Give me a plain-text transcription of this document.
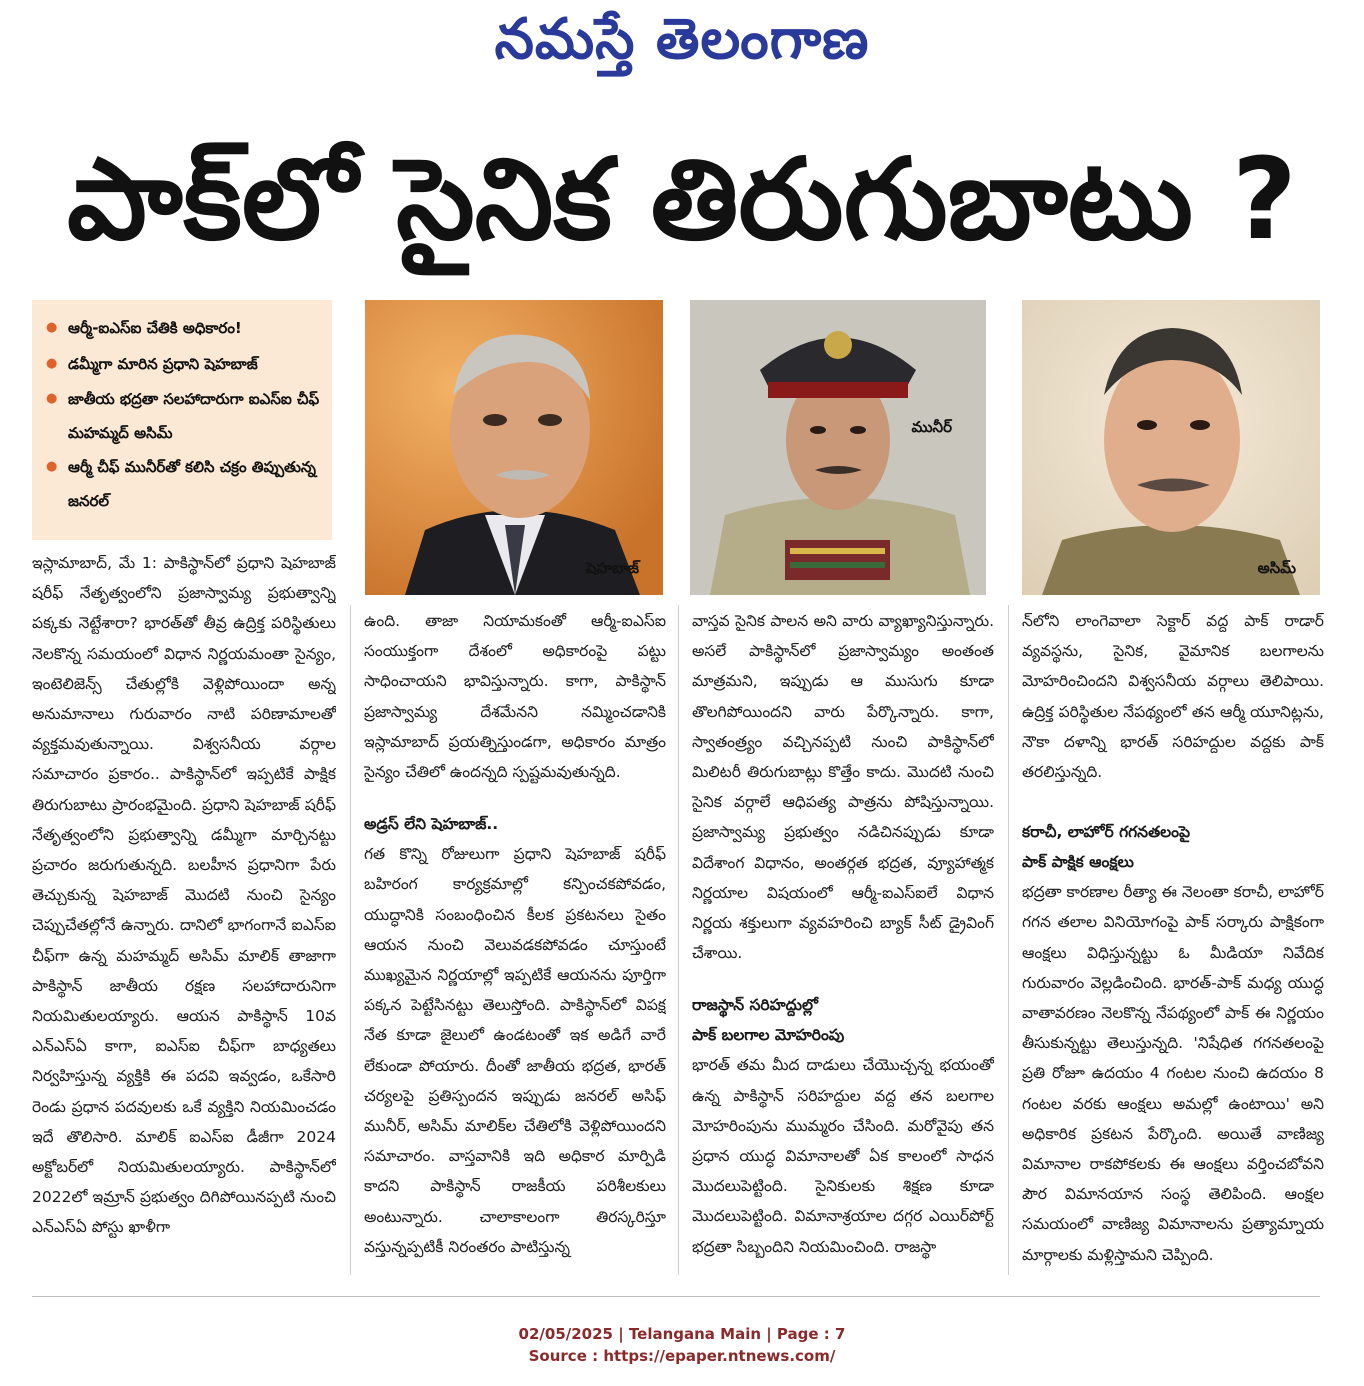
నమస్తే తెలంగాణ
పాక్‌లో సైనిక తిరుగుబాటు ?
● ఆర్మీ-ఐఎస్‌ఐ చేతికి అధికారం!
● డమ్మీగా మారిన ప్రధాని షెహబాజ్
● జాతీయ భద్రతా సలహాదారుగా ఐఎస్‌ఐ చీఫ్ మహమ్మద్ అసిమ్
● ఆర్మీ చీఫ్ మునీర్‌తో కలిసి చక్రం తిప్పుతున్న జనరల్
షెహబాజ్
మునీర్
అసిమ్

ఇస్లామాబాద్, మే 1: పాకిస్థాన్‌లో ప్రధాని షెహబాజ్ షరీఫ్ నేతృత్వంలోని ప్రజాస్వామ్య ప్రభుత్వాన్ని పక్కకు నెట్టేశారా? భారత్‌తో తీవ్ర ఉద్రిక్త పరిస్థితులు నెలకొన్న సమయంలో విధాన నిర్ణయమంతా సైన్యం, ఇంటెలిజెన్స్ చేతుల్లోకి వెళ్లిపోయిందా అన్న అనుమానాలు గురువారం నాటి పరిణామాలతో వ్యక్తమవుతున్నాయి. విశ్వసనీయ వర్గాల సమాచారం ప్రకారం.. పాకిస్థాన్‌లో ఇప్పటికే పాక్షిక తిరుగుబాటు ప్రారంభమైంది. ప్రధాని షెహబాజ్ షరీఫ్ నేతృత్వంలోని ప్రభుత్వాన్ని డమ్మీగా మార్చినట్టు ప్రచారం జరుగుతున్నది. బలహీన ప్రధానిగా పేరు తెచ్చుకున్న షెహబాజ్ మొదటి నుంచి సైన్యం చెప్పుచేతల్లోనే ఉన్నారు. దానిలో భాగంగానే ఐఎస్‌ఐ చీఫ్‌గా ఉన్న మహమ్మద్ అసిమ్ మాలిక్ తాజాగా పాకిస్థాన్ జాతీయ రక్షణ సలహాదారునిగా నియమితులయ్యారు. ఆయన పాకిస్థాన్ 10వ ఎన్ఎస్ఏ కాగా, ఐఎస్ఐ చీఫ్‌గా బాధ్యతలు నిర్వహిస్తున్న వ్యక్తికి ఈ పదవి ఇవ్వడం, ఒకేసారి రెండు ప్రధాన పదవులకు ఒకే వ్యక్తిని నియమించడం ఇదే తొలిసారి. మాలిక్ ఐఎస్ఐ డీజీగా 2024 అక్టోబర్‌లో నియమితులయ్యారు. పాకిస్థాన్‌లో 2022లో ఇమ్రాన్ ప్రభుత్వం దిగిపోయినప్పటి నుంచి ఎన్ఎస్ఏ పోస్టు ఖాళీగా

ఉంది. తాజా నియామకంతో ఆర్మీ-ఐఎస్ఐ సంయుక్తంగా దేశంలో అధికారంపై పట్టు సాధించాయని భావిస్తున్నారు. కాగా, పాకిస్థాన్ ప్రజాస్వామ్య దేశమేనని నమ్మించడానికి ఇస్లామాబాద్ ప్రయత్నిస్తుండగా, అధికారం మాత్రం సైన్యం చేతిలో ఉందన్నది స్పష్టమవుతున్నది.

అడ్రస్ లేని షెహబాజ్..

గత కొన్ని రోజులుగా ప్రధాని షెహబాజ్ షరీఫ్ బహిరంగ కార్యక్రమాల్లో కన్పించకపోవడం, యుద్ధానికి సంబంధించిన కీలక ప్రకటనలు సైతం ఆయన నుంచి వెలువడకపోవడం చూస్తుంటే ముఖ్యమైన నిర్ణయాల్లో ఇప్పటికే ఆయనను పూర్తిగా పక్కన పెట్టేసినట్టు తెలుస్తోంది. పాకిస్థాన్‌లో విపక్ష నేత కూడా జైలులో ఉండటంతో ఇక అడిగే వారే లేకుండా పోయారు. దీంతో జాతీయ భద్రత, భారత్ చర్యలపై ప్రతిస్పందన ఇప్పుడు జనరల్ అసిఫ్ మునీర్, అసిమ్ మాలిక్‌ల చేతిలోకి వెళ్లిపోయిందని సమాచారం. వాస్తవానికి ఇది అధికార మార్పిడి కాదని పాకిస్థాన్ రాజకీయ పరిశీలకులు అంటున్నారు. చాలాకాలంగా తిరస్కరిస్తూ వస్తున్నప్పటికీ నిరంతరం పాటిస్తున్న

వాస్తవ సైనిక పాలన అని వారు వ్యాఖ్యానిస్తున్నారు. అసలే పాకిస్థాన్‌లో ప్రజాస్వామ్యం అంతంత మాత్రమని, ఇప్పుడు ఆ ముసుగు కూడా తొలగిపోయిందని వారు పేర్కొన్నారు. కాగా, స్వాతంత్ర్యం వచ్చినప్పటి నుంచి పాకిస్థాన్‌లో మిలిటరీ తిరుగుబాట్లు కొత్తేం కాదు. మొదటి నుంచి సైనిక వర్గాలే ఆధిపత్య పాత్రను పోషిస్తున్నాయి. ప్రజాస్వామ్య ప్రభుత్వం నడిచినప్పుడు కూడా విదేశాంగ విధానం, అంతర్గత భద్రత, వ్యూహాత్మక నిర్ణయాల విషయంలో ఆర్మీ-ఐఎస్ఐలే విధాన నిర్ణయ శక్తులుగా వ్యవహరించి బ్యాక్ సీట్ డ్రైవింగ్ చేశాయి.

రాజస్థాన్ సరిహద్దుల్లో
పాక్ బలగాల మోహరింపు

భారత్ తమ మీద దాడులు చేయొచ్చన్న భయంతో ఉన్న పాకిస్థాన్ సరిహద్దుల వద్ద తన బలగాల మోహరింపును ముమ్మరం చేసింది. మరోవైపు తన ప్రధాన యుద్ధ విమానాలతో ఏక కాలంలో సాధన మొదలుపెట్టింది. సైనికులకు శిక్షణ కూడా మొదలుపెట్టింది. విమానాశ్రయాల దగ్గర ఎయిర్‌పోర్ట్ భద్రతా సిబ్బందిని నియమించింది. రాజస్థా

న్‌లోని లాంగెవాలా సెక్టార్ వద్ద పాక్ రాడార్ వ్యవస్థను, సైనిక, వైమానిక బలగాలను మోహరించిందని విశ్వసనీయ వర్గాలు తెలిపాయి. ఉద్రిక్త పరిస్థితుల నేపథ్యంలో తన ఆర్మీ యూనిట్లను, నౌకా దళాన్ని భారత్ సరిహద్దుల వద్దకు పాక్ తరలిస్తున్నది.

కరాచీ, లాహోర్ గగనతలంపై
పాక్ పాక్షిక ఆంక్షలు

భద్రతా కారణాల రీత్యా ఈ నెలంతా కరాచీ, లాహోర్ గగన తలాల వినియోగంపై పాక్ సర్కారు పాక్షికంగా ఆంక్షలు విధిస్తున్నట్టు ఓ మీడియా నివేదిక గురువారం వెల్లడించింది. భారత్-పాక్ మధ్య యుద్ధ వాతావరణం నెలకొన్న నేపథ్యంలో పాక్ ఈ నిర్ణయం తీసుకున్నట్టు తెలుస్తున్నది. 'నిషేధిత గగనతలంపై ప్రతి రోజూ ఉదయం 4 గంటల నుంచి ఉదయం 8 గంటల వరకు ఆంక్షలు అమల్లో ఉంటాయి' అని అధికారిక ప్రకటన పేర్కొంది. అయితే వాణిజ్య విమానాల రాకపోకలకు ఈ ఆంక్షలు వర్తించబోవని పౌర విమానయాన సంస్థ తెలిపింది. ఆంక్షల సమయంలో వాణిజ్య విమానాలను ప్రత్యామ్నాయ మార్గాలకు మళ్లిస్తామని చెప్పింది.

02/05/2025 | Telangana Main | Page : 7
Source : https://epaper.ntnews.com/
